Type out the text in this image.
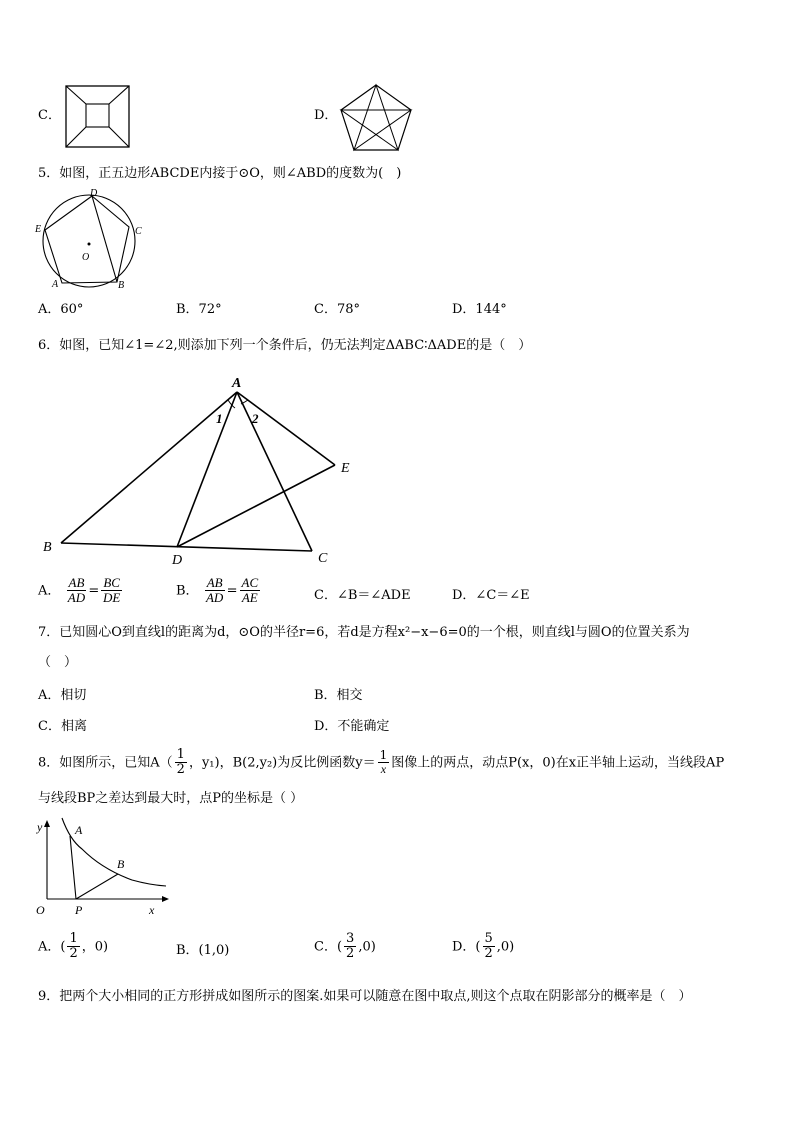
C．	D．
5．如图，正五边形ABCDE内接于⊙O，则∠ABD的度数为(　)
D
E	C
O
A	B
A．60°	B．72°	C．78°	D．144°
6．如图，已知∠1=∠2,则添加下列一个条件后，仍无法判定ΔABC∶ΔADE的是（　）
A
B
C
D
E
1 2
A． $\frac{AB}{AD} = \frac{BC}{DE}$	B． $\frac{AB}{AD} = \frac{AC}{AE}$	C．∠B＝∠ADE	D．∠C＝∠E
7．已知圆心O到直线l的距离为d，⊙O的半径r=6，若d是方程x²−x−6=0的一个根，则直线l与圆O的位置关系为
（　）
A．相切	B．相交
C．相离	D．不能确定
8．如图所示，已知$A( \frac{1}{2}$ ，y₁)，B(2,y₂)为反比例函数$y= \frac{1}{x}$ 图像上的两点，动点P(x，0)在x正半轴上运动，当线段AP
与线段BP之差达到最大时，点P的坐标是（ ）
y
x
O
A
B
P
A．( $\frac{1}{2}$ ，0)	B．(1,0)	C．( $\frac{3}{2} ,0$)	D．( $\frac{5}{2} ,0$)
9．把两个大小相同的正方形拼成如图所示的图案.如果可以随意在图中取点,则这个点取在阴影部分的概率是（　）
